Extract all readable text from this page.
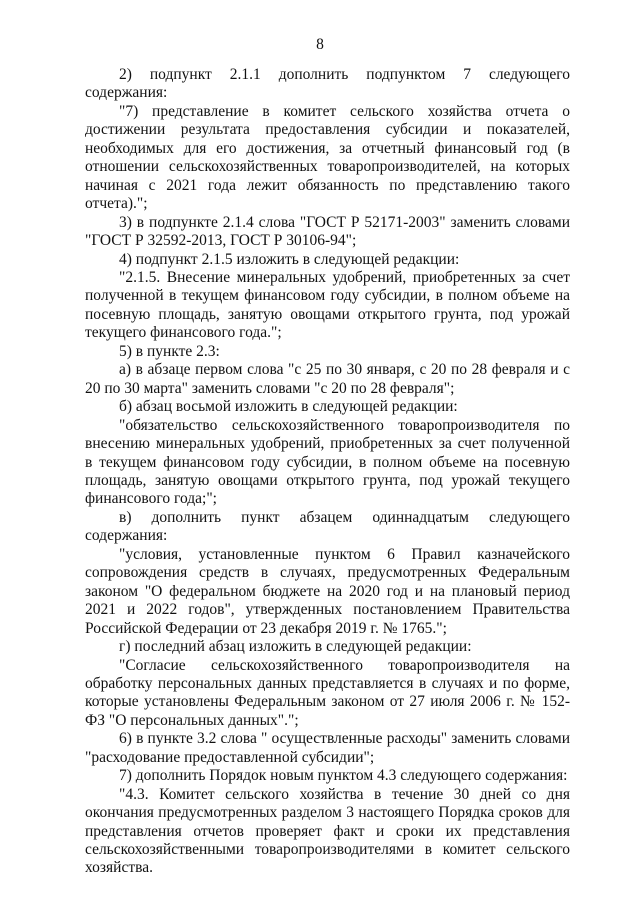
8

2) подпункт 2.1.1 дополнить подпунктом 7 следующего содержания:

"7) представление в комитет сельского хозяйства отчета о достижении результата предоставления субсидии и показателей, необходимых для его достижения, за отчетный финансовый год (в отношении сельскохозяйственных товаропроизводителей, на которых начиная с 2021 года лежит обязанность по представлению такого отчета).";

3) в подпункте 2.1.4 слова "ГОСТ Р 52171-2003" заменить словами "ГОСТ Р 32592-2013, ГОСТ Р 30106-94";

4) подпункт 2.1.5 изложить в следующей редакции:

"2.1.5. Внесение минеральных удобрений, приобретенных за счет полученной в текущем финансовом году субсидии, в полном объеме на посевную площадь, занятую овощами открытого грунта, под урожай текущего финансового года.";

5) в пункте 2.3:

а) в абзаце первом слова "с 25 по 30 января, с 20 по 28 февраля и с 20 по 30 марта" заменить словами "с 20 по 28 февраля";

б) абзац восьмой изложить в следующей редакции:

"обязательство сельскохозяйственного товаропроизводителя по внесению минеральных удобрений, приобретенных за счет полученной в текущем финансовом году субсидии, в полном объеме на посевную площадь, занятую овощами открытого грунта, под урожай текущего финансового года;";

в) дополнить пункт абзацем одиннадцатым следующего содержания:

"условия, установленные пунктом 6 Правил казначейского сопровождения средств в случаях, предусмотренных Федеральным законом "О федеральном бюджете на 2020 год и на плановый период 2021 и 2022 годов", утвержденных постановлением Правительства Российской Федерации от 23 декабря 2019 г. № 1765.";

г) последний абзац изложить в следующей редакции:

"Согласие сельскохозяйственного товаропроизводителя на обработку персональных данных представляется в случаях и по форме, которые установлены Федеральным законом от 27 июля 2006 г. № 152-ФЗ "О персональных данных".";

6) в пункте 3.2 слова " осуществленные расходы" заменить словами "расходование предоставленной субсидии";

7) дополнить Порядок новым пунктом 4.3 следующего содержания:

"4.3. Комитет сельского хозяйства в течение 30 дней со дня окончания предусмотренных разделом 3 настоящего Порядка сроков для представления отчетов проверяет факт и сроки их представления сельскохозяйственными товаропроизводителями в комитет сельского хозяйства.
